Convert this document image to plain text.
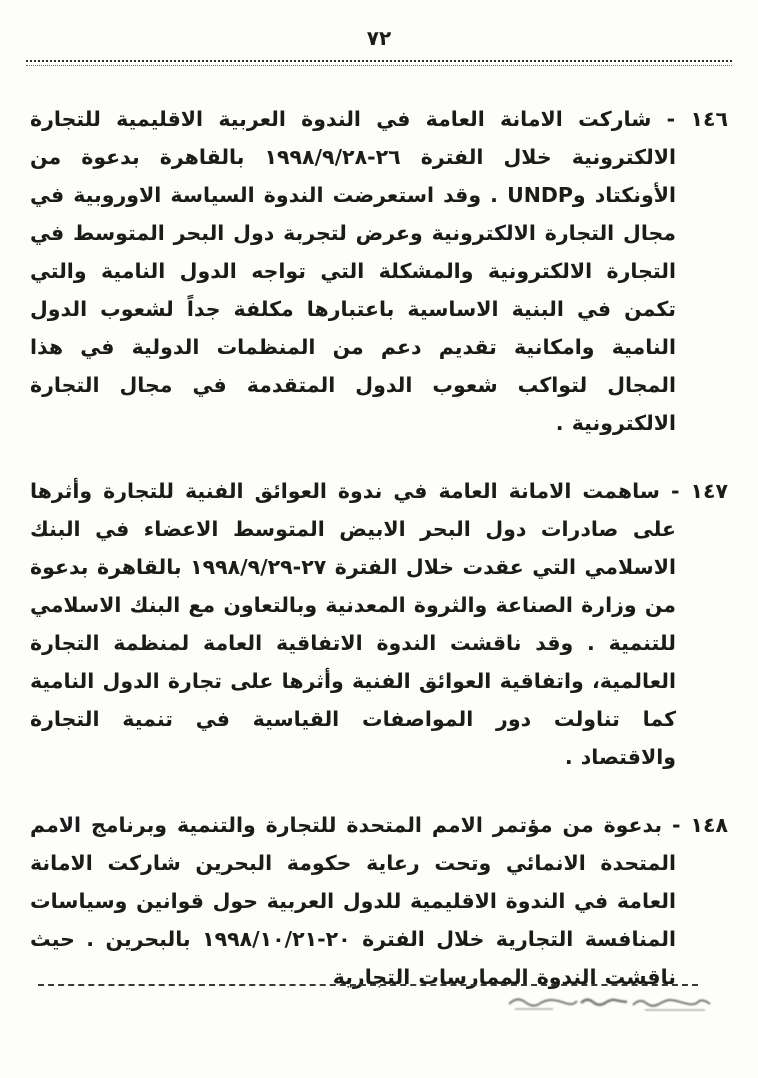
٧٢
١٤٦ - شاركت الامانة العامة في الندوة العربية الاقليمية للتجارة الالكترونية خلال الفترة ٢٦-١٩٩٨/٩/٢٨ بالقاهرة بدعوة من الأونكتاد وUNDP . وقد استعرضت الندوة السياسة الاوروبية في مجال التجارة الالكترونية وعرض لتجربة دول البحر المتوسط في التجارة الالكترونية والمشكلة التي تواجه الدول النامية والتي تكمن في البنية الاساسية باعتبارها مكلفة جداً لشعوب الدول النامية وامكانية تقديم دعم من المنظمات الدولية في هذا المجال لتواكب شعوب الدول المتقدمة في مجال التجارة الالكترونية .
١٤٧ - ساهمت الامانة العامة في ندوة العوائق الفنية للتجارة وأثرها على صادرات دول البحر الابيض المتوسط الاعضاء في البنك الاسلامي التي عقدت خلال الفترة ٢٧-١٩٩٨/٩/٢٩ بالقاهرة بدعوة من وزارة الصناعة والثروة المعدنية وبالتعاون مع البنك الاسلامي للتنمية . وقد ناقشت الندوة الاتفاقية العامة لمنظمة التجارة العالمية، واتفاقية العوائق الفنية وأثرها على تجارة الدول النامية كما تناولت دور المواصفات القياسية في تنمية التجارة والاقتصاد .
١٤٨ - بدعوة من مؤتمر الامم المتحدة للتجارة والتنمية وبرنامج الامم المتحدة الانمائي وتحت رعاية حكومة البحرين شاركت الامانة العامة في الندوة الاقليمية للدول العربية حول قوانين وسياسات المنافسة التجارية خلال الفترة ٢٠-١٩٩٨/١٠/٢١ بالبحرين . حيث ناقشت الندوة الممارسات التجارية
